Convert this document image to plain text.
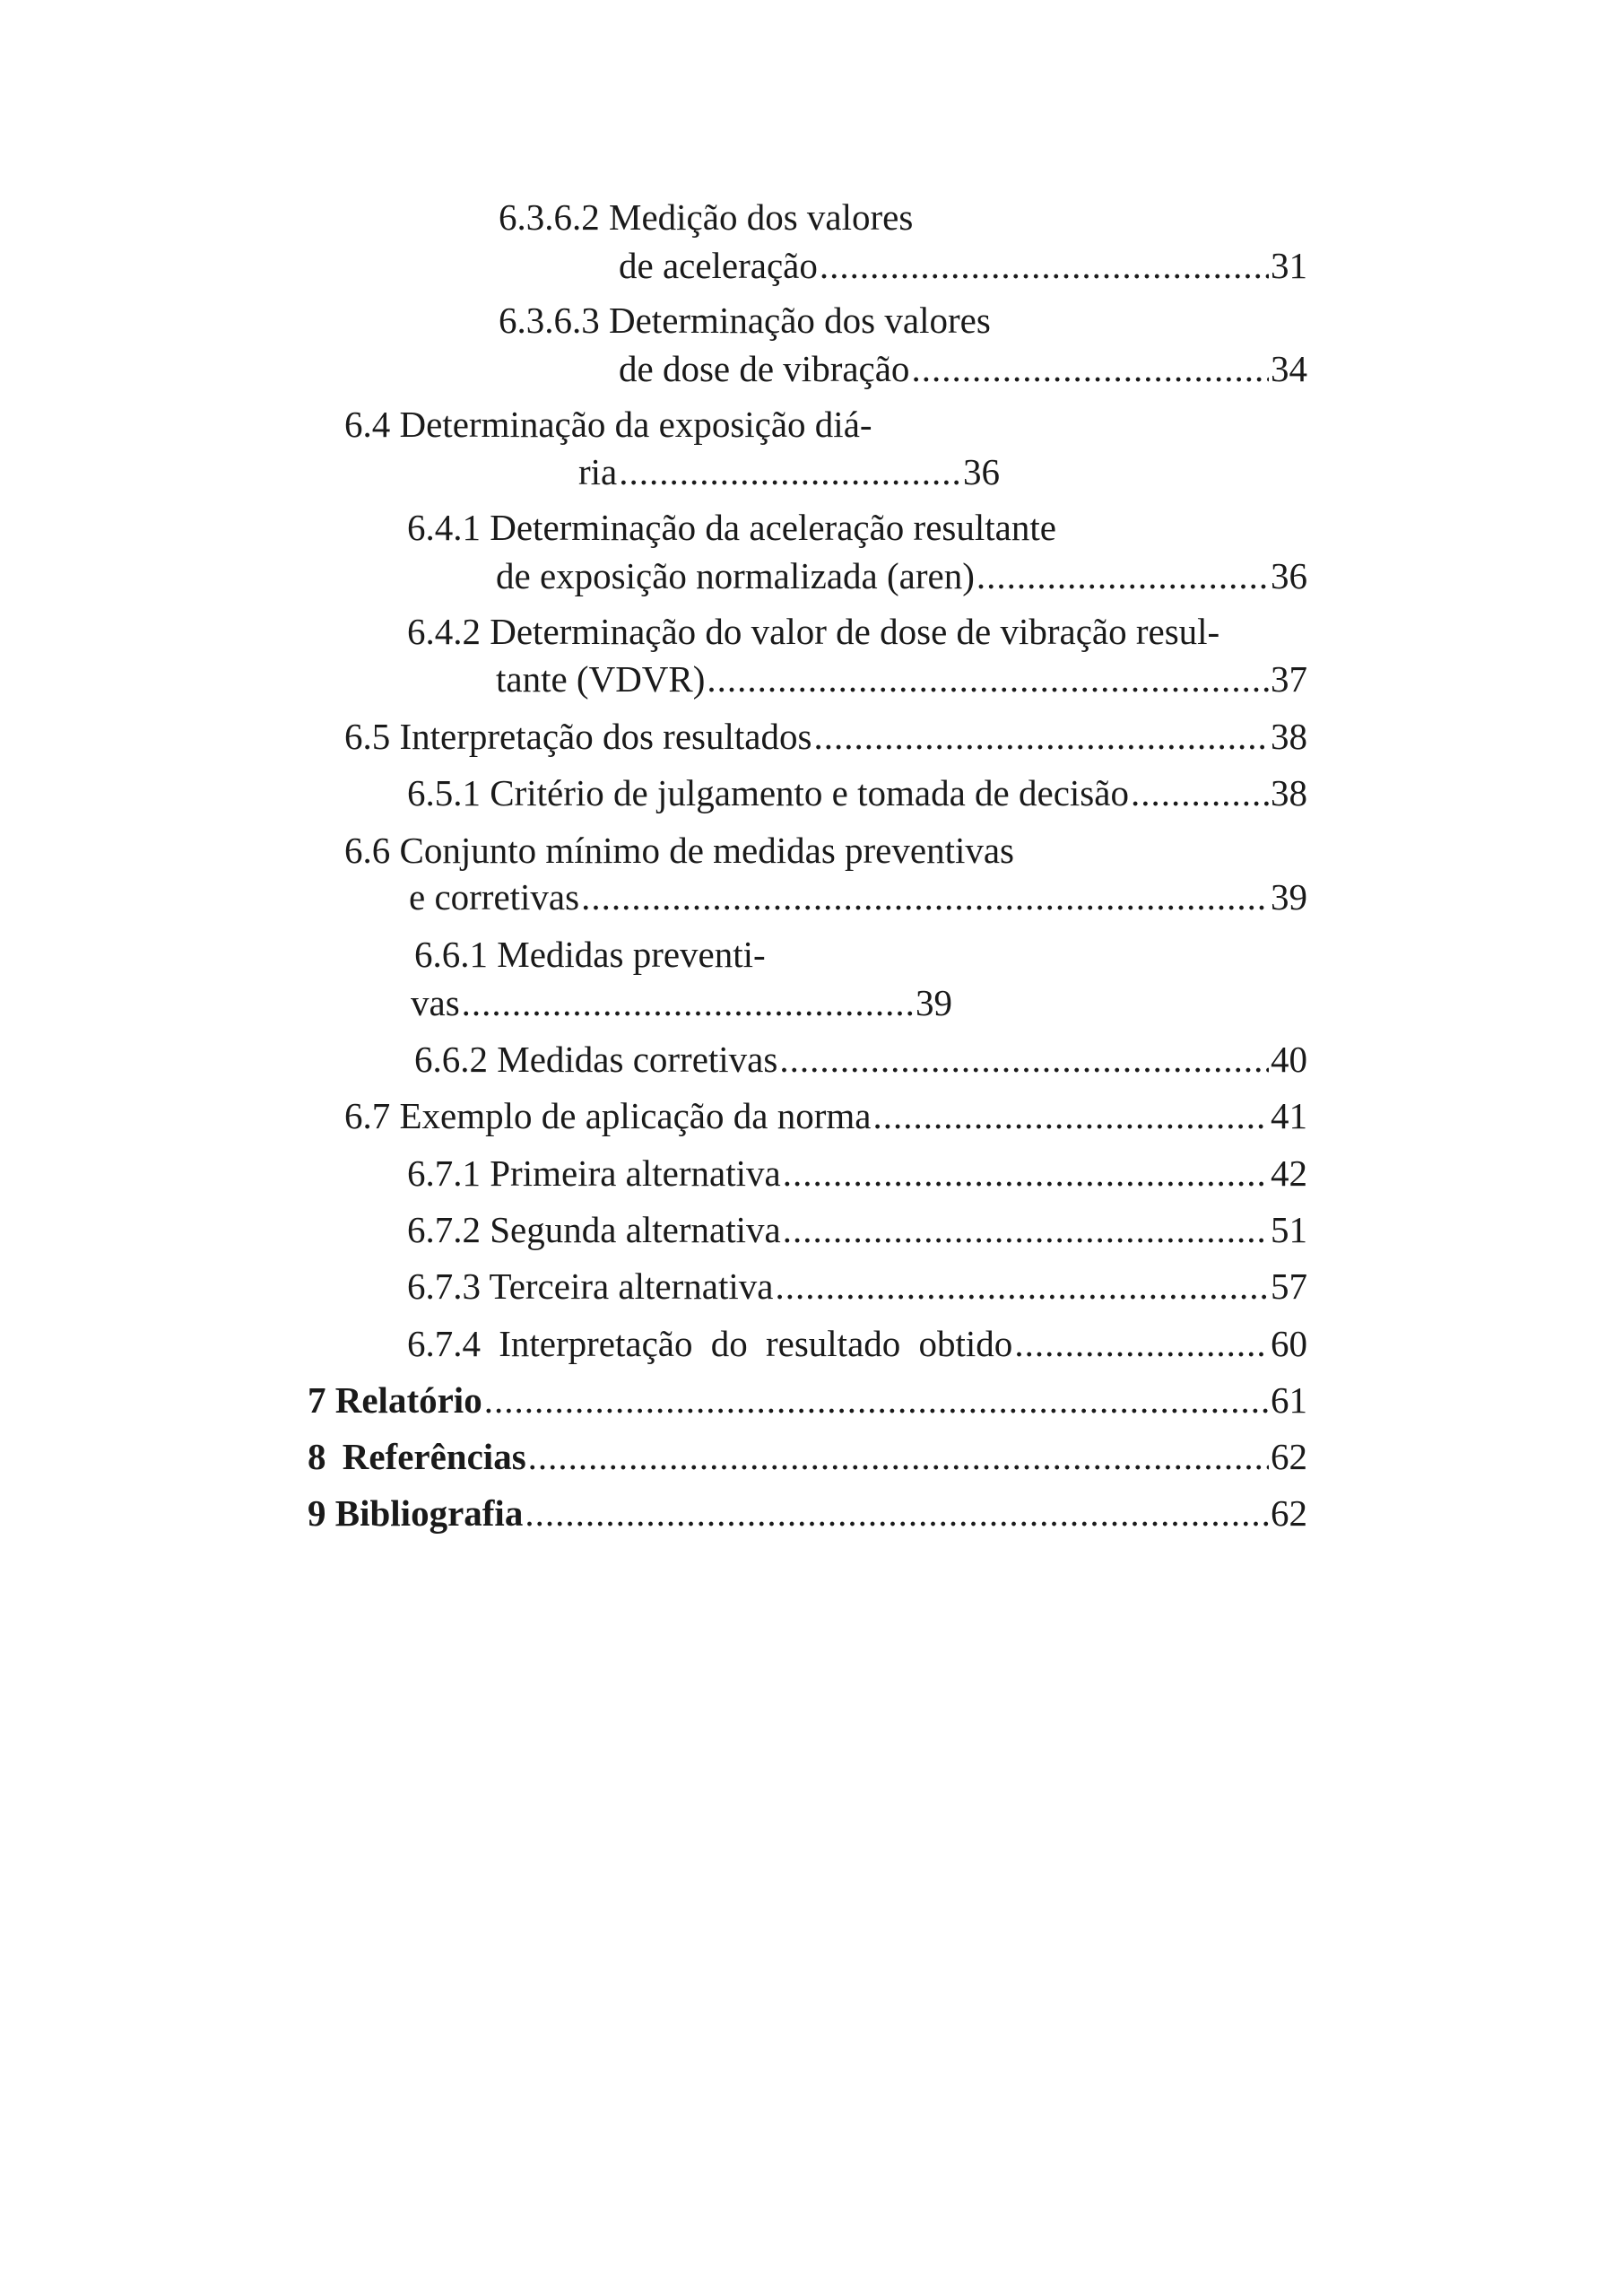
6.3.6.2 Medição dos valores
de aceleração .....	31
6.3.6.3 Determinação dos valores
de dose de vibração .....	34
6.4 Determinação da exposição diá-
ria .....	36
6.4.1 Determinação da aceleração resultante
de exposição normalizada (aren) .....	36
6.4.2 Determinação do valor de dose de vibração resul-
tante (VDVR) .....	37
6.5 Interpretação dos resultados .....	38
6.5.1 Critério de julgamento e tomada de decisão .....	38
6.6 Conjunto mínimo de medidas preventivas
e corretivas .....	39
6.6.1 Medidas preventi-
vas .....	39
6.6.2 Medidas corretivas .....	40
6.7 Exemplo de aplicação da norma .....	41
6.7.1 Primeira alternativa .....	42
6.7.2 Segunda alternativa .....	51
6.7.3 Terceira alternativa .....	57
6.7.4 Interpretação do resultado obtido .....	60
7 Relatório .....	61
8 Referências .....	62
9 Bibliografia .....	62
